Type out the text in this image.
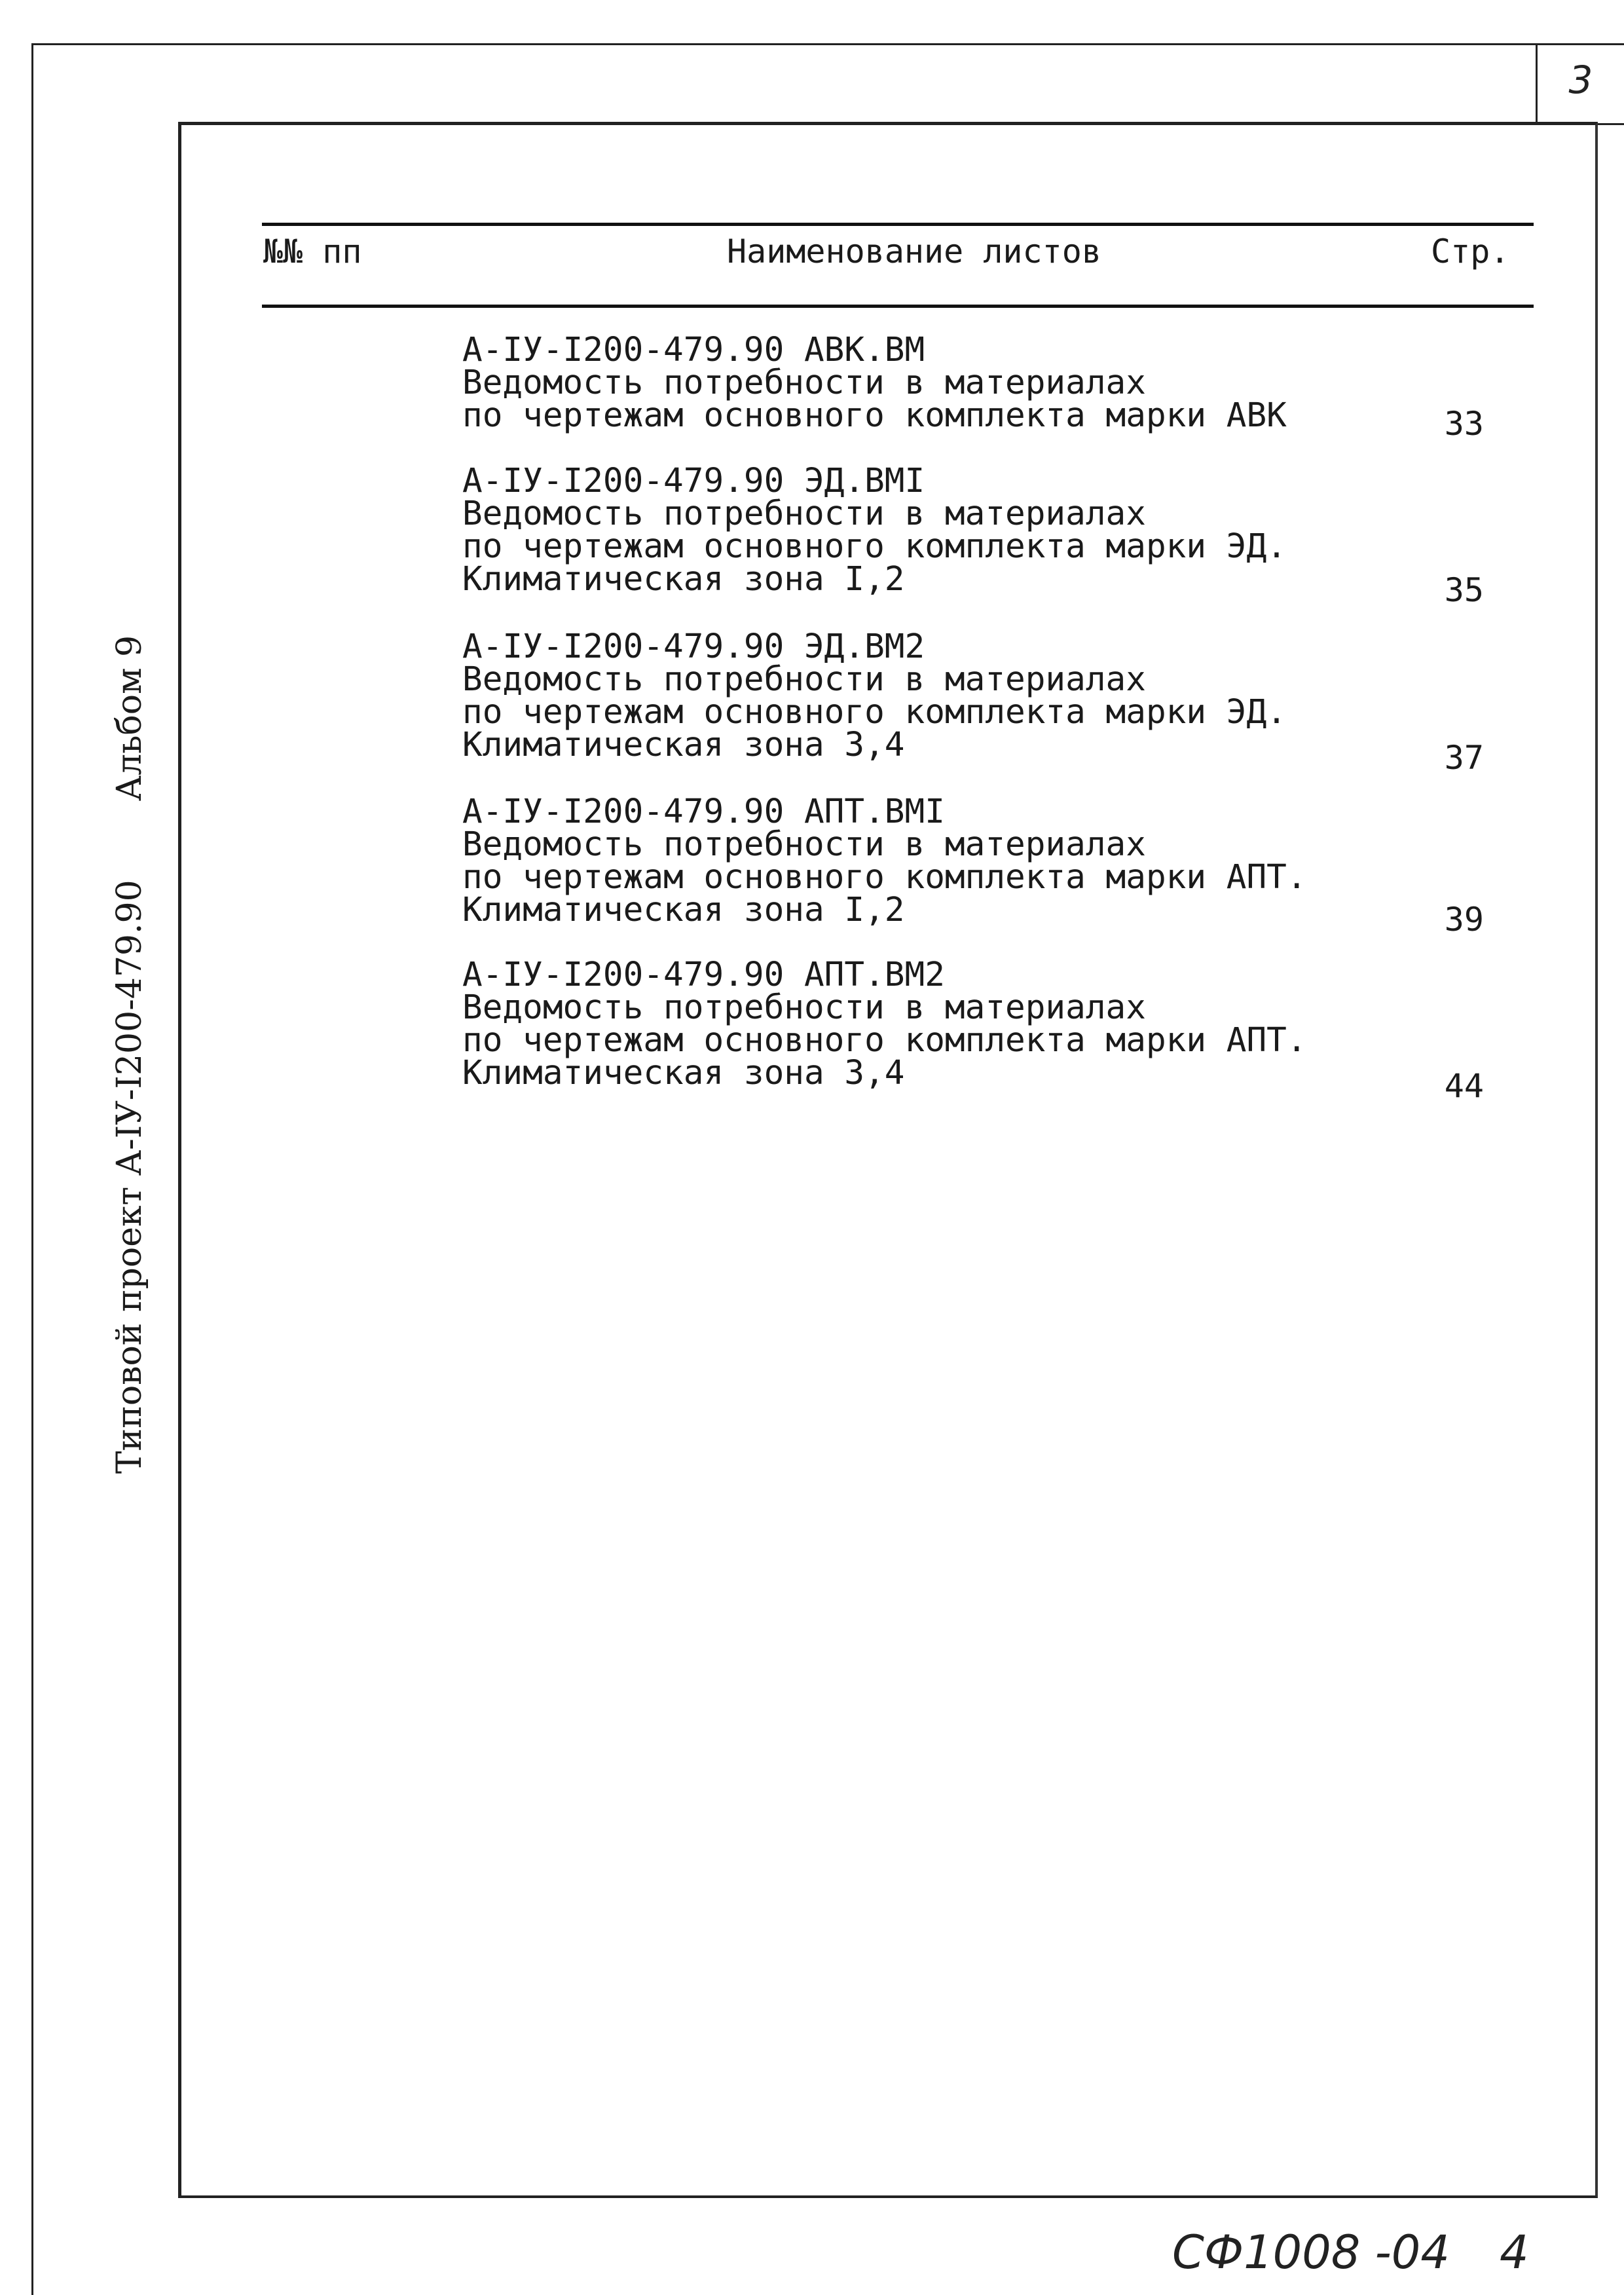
3
Типовой проект А-IУ-I200-479.90
Альбом 9
№№ пп	Наименование листов	Стр.
А-IУ-I200-479.90 АВК.ВМ
Ведомость потребности в материалах
по чертежам основного комплекта марки АВК	33
А-IУ-I200-479.90 ЭД.ВМI
Ведомость потребности в материалах
по чертежам основного комплекта марки ЭД.
Климатическая зона I,2	35
А-IУ-I200-479.90 ЭД.ВМ2
Ведомость потребности в материалах
по чертежам основного комплекта марки ЭД.
Климатическая зона 3,4	37
А-IУ-I200-479.90 АПТ.ВМI
Ведомость потребности в материалах
по чертежам основного комплекта марки АПТ.
Климатическая зона I,2	39
А-IУ-I200-479.90 АПТ.ВМ2
Ведомость потребности в материалах
по чертежам основного комплекта марки АПТ.
Климатическая зона 3,4	44
СФ1008 -04 4
